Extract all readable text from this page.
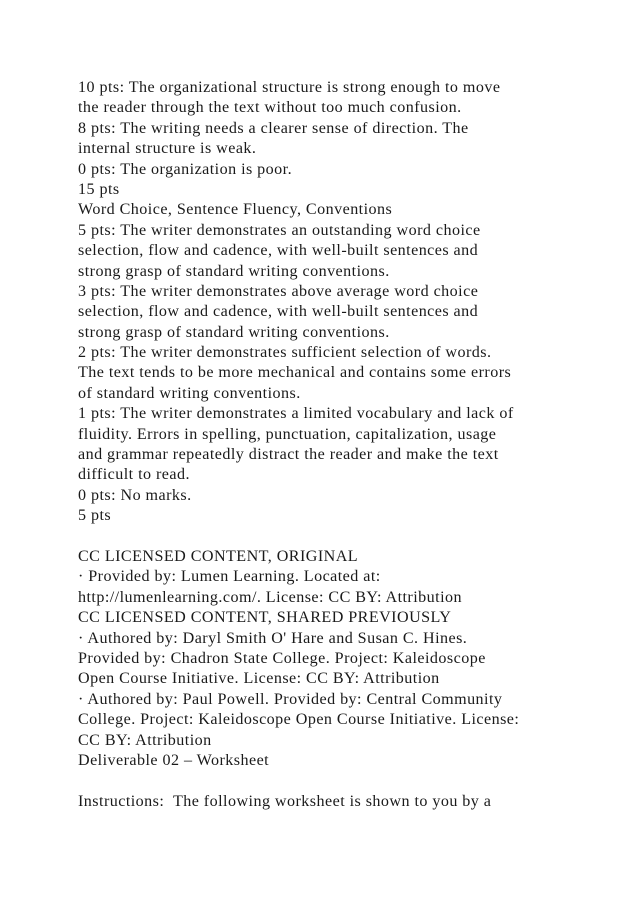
10 pts: The organizational structure is strong enough to move
the reader through the text without too much confusion.
8 pts: The writing needs a clearer sense of direction. The
internal structure is weak.
0 pts: The organization is poor.
15 pts
Word Choice, Sentence Fluency, Conventions
5 pts: The writer demonstrates an outstanding word choice
selection, flow and cadence, with well-built sentences and
strong grasp of standard writing conventions.
3 pts: The writer demonstrates above average word choice
selection, flow and cadence, with well-built sentences and
strong grasp of standard writing conventions.
2 pts: The writer demonstrates sufficient selection of words.
The text tends to be more mechanical and contains some errors
of standard writing conventions.
1 pts: The writer demonstrates a limited vocabulary and lack of
fluidity. Errors in spelling, punctuation, capitalization, usage
and grammar repeatedly distract the reader and make the text
difficult to read.
0 pts: No marks.
5 pts
CC LICENSED CONTENT, ORIGINAL
· Provided by: Lumen Learning. Located at:
http://lumenlearning.com/. License: CC BY: Attribution
CC LICENSED CONTENT, SHARED PREVIOUSLY
· Authored by: Daryl Smith O' Hare and Susan C. Hines.
Provided by: Chadron State College. Project: Kaleidoscope
Open Course Initiative. License: CC BY: Attribution
· Authored by: Paul Powell. Provided by: Central Community
College. Project: Kaleidoscope Open Course Initiative. License:
CC BY: Attribution
Deliverable 02 – Worksheet
Instructions:  The following worksheet is shown to you by a
